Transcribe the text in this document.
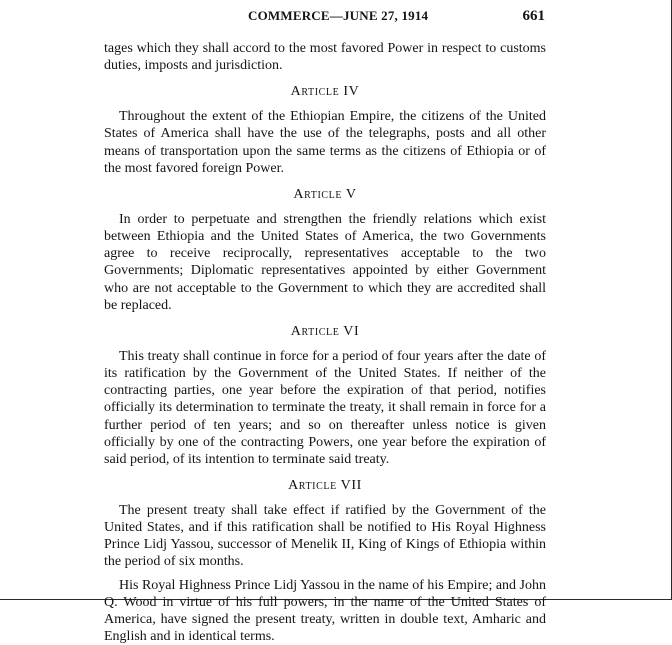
COMMERCE—JUNE 27, 1914	661

tages which they shall accord to the most favored Power in respect to customs duties, imposts and jurisdiction.

Article IV

Throughout the extent of the Ethiopian Empire, the citizens of the United States of America shall have the use of the telegraphs, posts and all other means of transportation upon the same terms as the citizens of Ethiopia or of the most favored foreign Power.

Article V

In order to perpetuate and strengthen the friendly relations which exist between Ethiopia and the United States of America, the two Governments agree to receive reciprocally, representatives acceptable to the two Governments; Diplomatic representatives appointed by either Government who are not acceptable to the Government to which they are accredited shall be replaced.

Article VI

This treaty shall continue in force for a period of four years after the date of its ratification by the Government of the United States. If neither of the contracting parties, one year before the expiration of that period, notifies officially its determination to terminate the treaty, it shall remain in force for a further period of ten years; and so on thereafter unless notice is given officially by one of the contracting Powers, one year before the expiration of said period, of its intention to terminate said treaty.

Article VII

The present treaty shall take effect if ratified by the Government of the United States, and if this ratification shall be notified to His Royal Highness Prince Lidj Yassou, successor of Menelik II, King of Kings of Ethiopia within the period of six months.

His Royal Highness Prince Lidj Yassou in the name of his Empire; and John Q. Wood in virtue of his full powers, in the name of the United States of America, have signed the present treaty, written in double text, Amharic and English and in identical terms.
